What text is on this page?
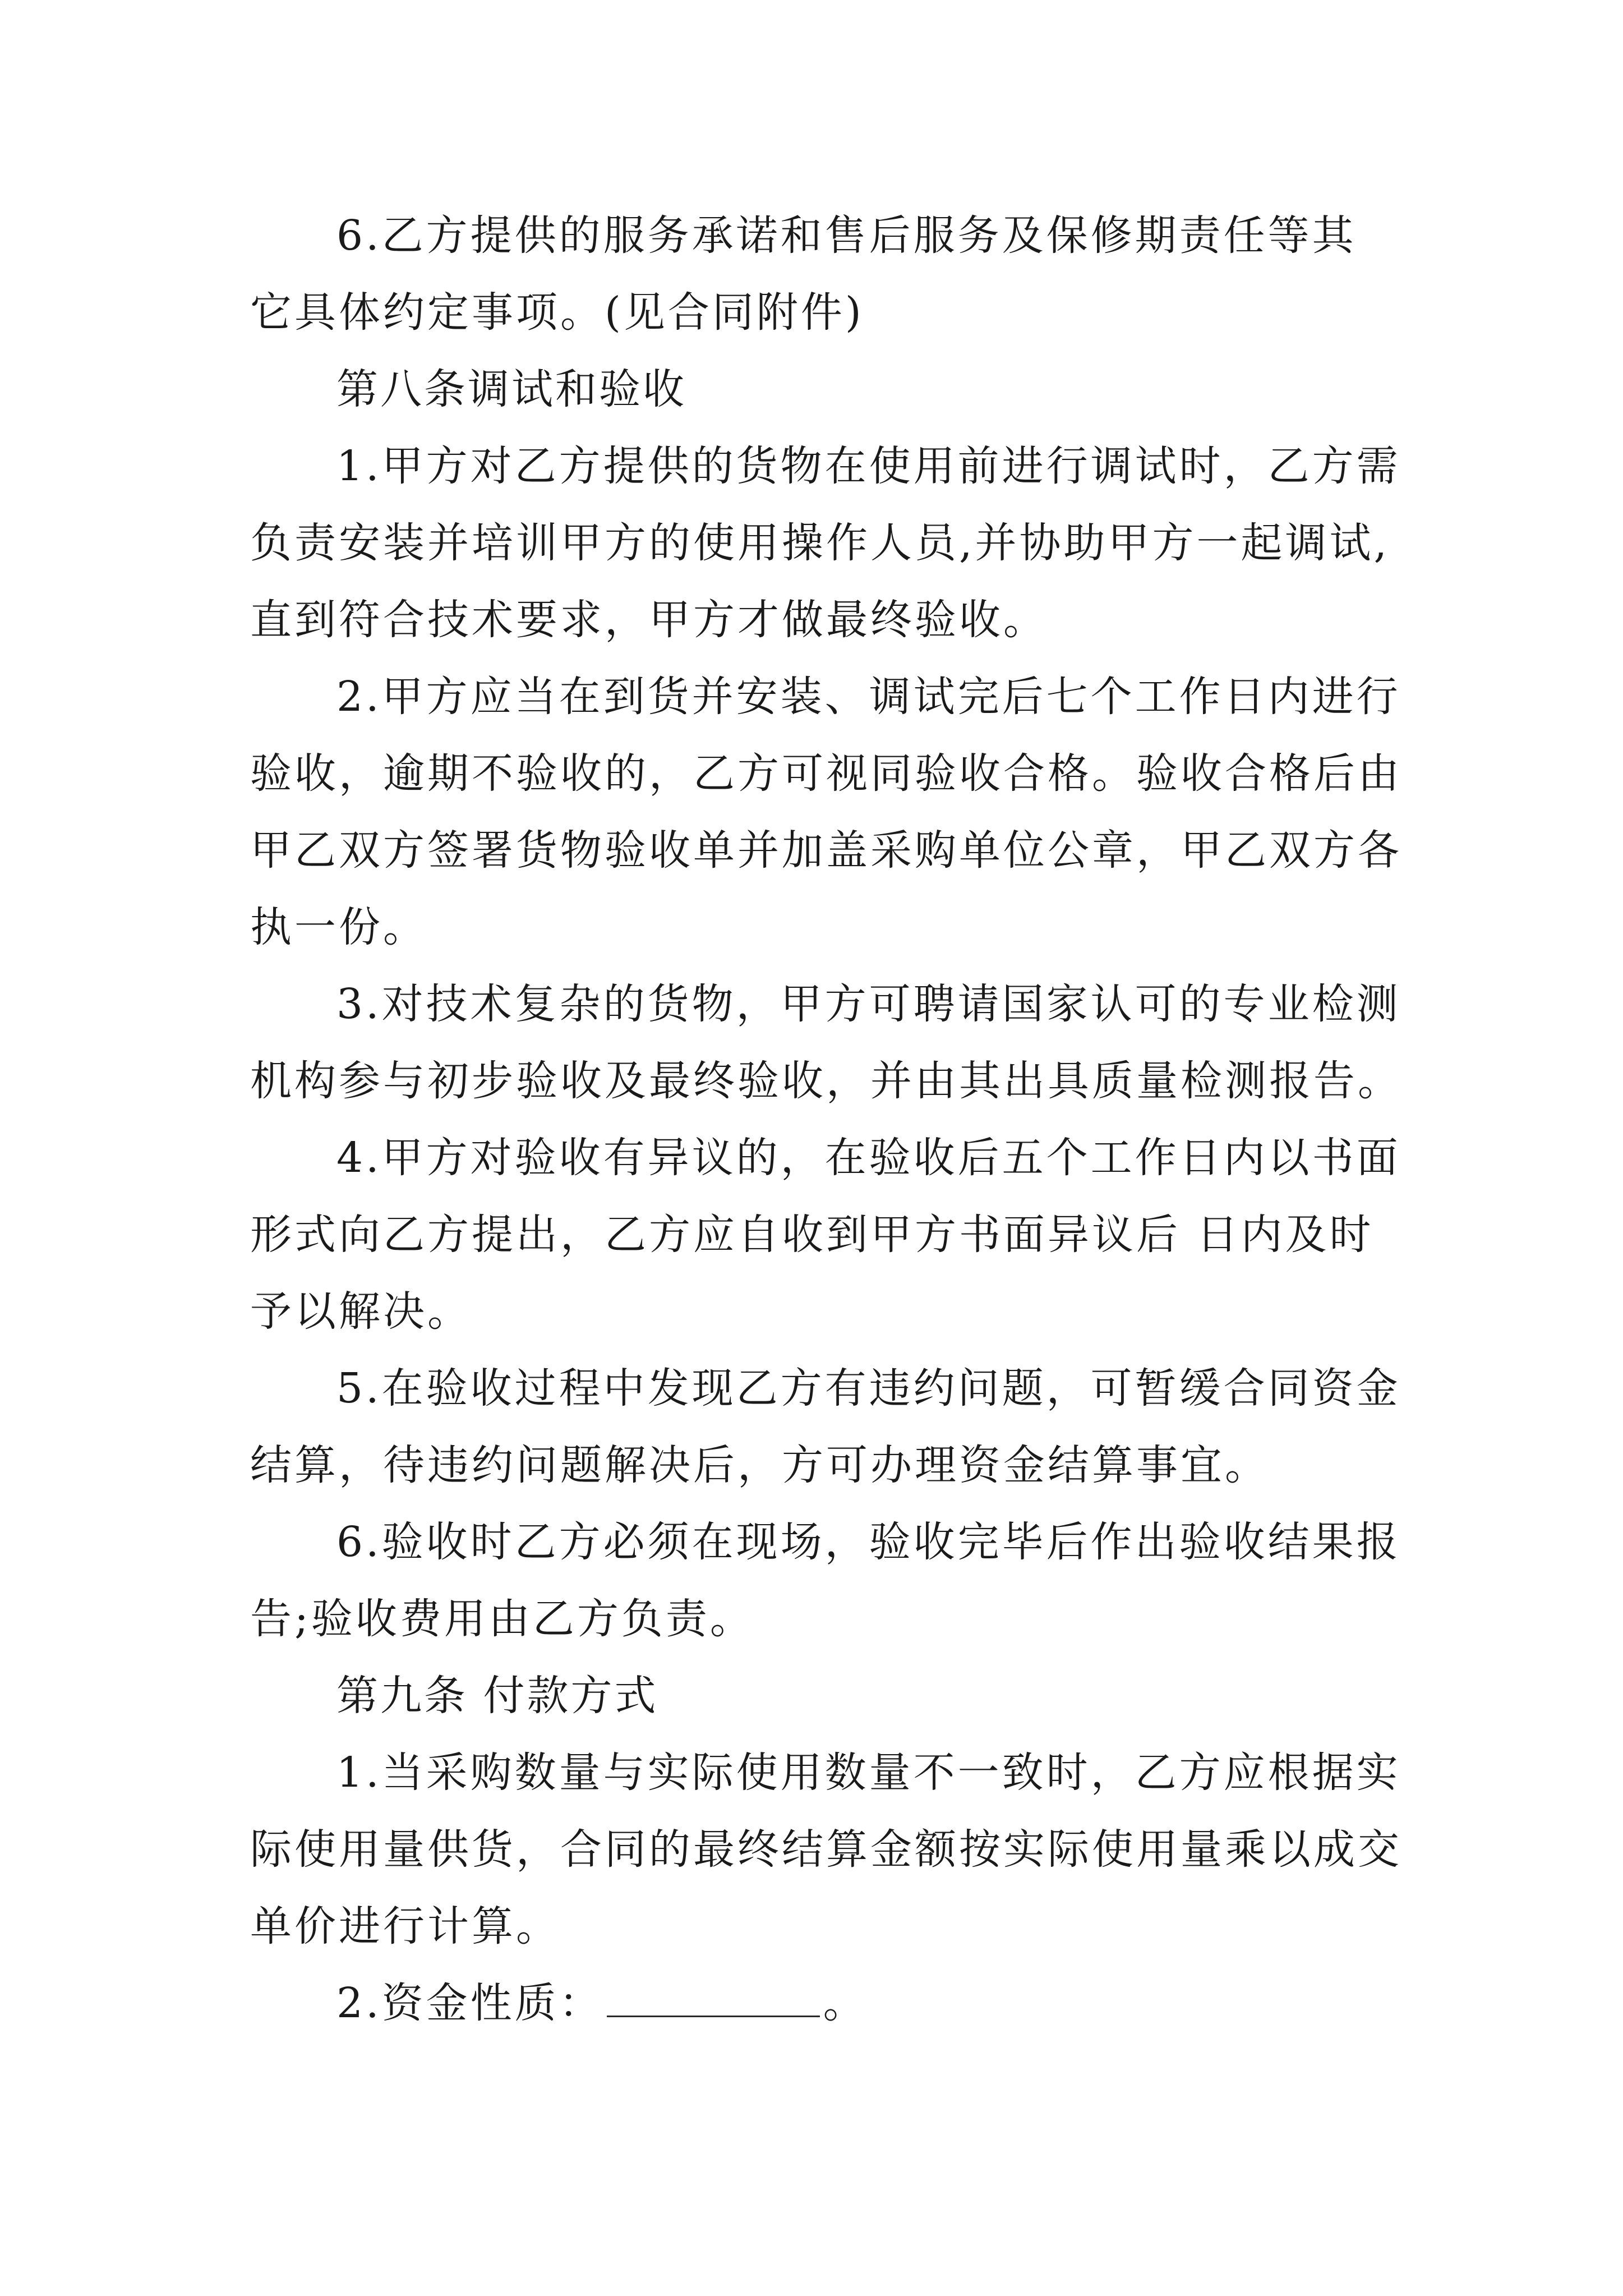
6.乙方提供的服务承诺和售后服务及保修期责任等其
它具体约定事项。(见合同附件)
第八条调试和验收
1.甲方对乙方提供的货物在使用前进行调试时，乙方需
负责安装并培训甲方的使用操作人员,并协助甲方一起调试,
直到符合技术要求，甲方才做最终验收。
2.甲方应当在到货并安装、调试完后七个工作日内进行
验收，逾期不验收的，乙方可视同验收合格。验收合格后由
甲乙双方签署货物验收单并加盖采购单位公章，甲乙双方各
执一份。
3.对技术复杂的货物，甲方可聘请国家认可的专业检测
机构参与初步验收及最终验收，并由其出具质量检测报告。
4.甲方对验收有异议的，在验收后五个工作日内以书面
形式向乙方提出，乙方应自收到甲方书面异议后 日内及时
予以解决。
5.在验收过程中发现乙方有违约问题，可暂缓合同资金
结算，待违约问题解决后，方可办理资金结算事宜。
6.验收时乙方必须在现场，验收完毕后作出验收结果报
告;验收费用由乙方负责。
第九条 付款方式
1.当采购数量与实际使用数量不一致时，乙方应根据实
际使用量供货，合同的最终结算金额按实际使用量乘以成交
单价进行计算。
2.资金性质：	。
